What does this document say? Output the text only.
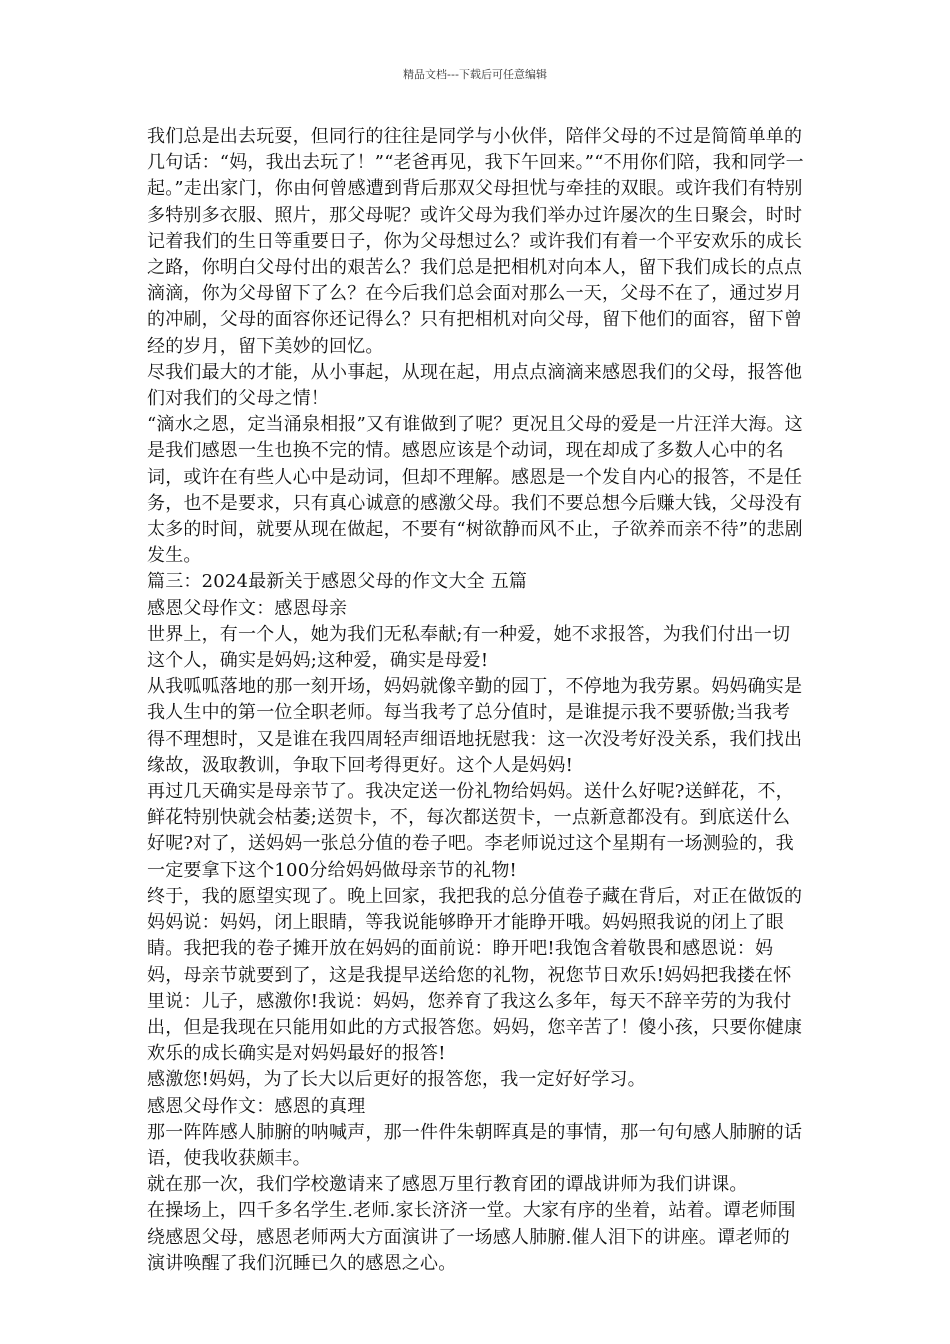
精品文档---下载后可任意编辑

我们总是出去玩耍，但同行的往往是同学与小伙伴，陪伴父母的不过是简简单单的几句话：“妈，我出去玩了！”“老爸再见，我下午回来。”“不用你们陪，我和同学一起。”走出家门，你由何曾感遭到背后那双父母担忧与牵挂的双眼。或许我们有特别多特别多衣服、照片，那父母呢？或许父母为我们举办过许屡次的生日聚会，时时记着我们的生日等重要日子，你为父母想过么？或许我们有着一个平安欢乐的成长之路，你明白父母付出的艰苦么？我们总是把相机对向本人，留下我们成长的点点滴滴，你为父母留下了么？在今后我们总会面对那么一天，父母不在了，通过岁月的冲刷，父母的面容你还记得么？只有把相机对向父母，留下他们的面容，留下曾经的岁月，留下美妙的回忆。

尽我们最大的才能，从小事起，从现在起，用点点滴滴来感恩我们的父母，报答他们对我们的父母之情！

“滴水之恩，定当涌泉相报”又有谁做到了呢？更况且父母的爱是一片汪洋大海。这是我们感恩一生也换不完的情。感恩应该是个动词，现在却成了多数人心中的名词，或许在有些人心中是动词，但却不理解。感恩是一个发自内心的报答，不是任务，也不是要求，只有真心诚意的感激父母。我们不要总想今后赚大钱，父母没有太多的时间，就要从现在做起，不要有“树欲静而风不止，子欲养而亲不待”的悲剧发生。

篇三：2024最新关于感恩父母的作文大全 五篇

感恩父母作文：感恩母亲

世界上，有一个人，她为我们无私奉献;有一种爱，她不求报答，为我们付出一切这个人，确实是妈妈;这种爱，确实是母爱!

从我呱呱落地的那一刻开场，妈妈就像辛勤的园丁，不停地为我劳累。妈妈确实是我人生中的第一位全职老师。每当我考了总分值时，是谁提示我不要骄傲;当我考得不理想时，又是谁在我四周轻声细语地抚慰我：这一次没考好没关系，我们找出缘故，汲取教训，争取下回考得更好。这个人是妈妈!

再过几天确实是母亲节了。我决定送一份礼物给妈妈。送什么好呢?送鲜花，不，鲜花特别快就会枯萎;送贺卡，不，每次都送贺卡，一点新意都没有。到底送什么好呢?对了，送妈妈一张总分值的卷子吧。李老师说过这个星期有一场测验的，我一定要拿下这个100分给妈妈做母亲节的礼物!

终于，我的愿望实现了。晚上回家，我把我的总分值卷子藏在背后，对正在做饭的妈妈说：妈妈，闭上眼睛，等我说能够睁开才能睁开哦。妈妈照我说的闭上了眼睛。我把我的卷子摊开放在妈妈的面前说：睁开吧!我饱含着敬畏和感恩说：妈妈，母亲节就要到了，这是我提早送给您的礼物，祝您节日欢乐!妈妈把我搂在怀里说：儿子，感激你!我说：妈妈，您养育了我这么多年，每天不辞辛劳的为我付出，但是我现在只能用如此的方式报答您。妈妈，您辛苦了！傻小孩，只要你健康欢乐的成长确实是对妈妈最好的报答!

感激您!妈妈，为了长大以后更好的报答您，我一定好好学习。

感恩父母作文：感恩的真理

那一阵阵感人肺腑的呐喊声，那一件件朱朝晖真是的事情，那一句句感人肺腑的话语，使我收获颇丰。

就在那一次，我们学校邀请来了感恩万里行教育团的谭战讲师为我们讲课。

在操场上，四千多名学生.老师.家长济济一堂。大家有序的坐着，站着。谭老师围绕感恩父母，感恩老师两大方面演讲了一场感人肺腑.催人泪下的讲座。谭老师的演讲唤醒了我们沉睡已久的感恩之心。
